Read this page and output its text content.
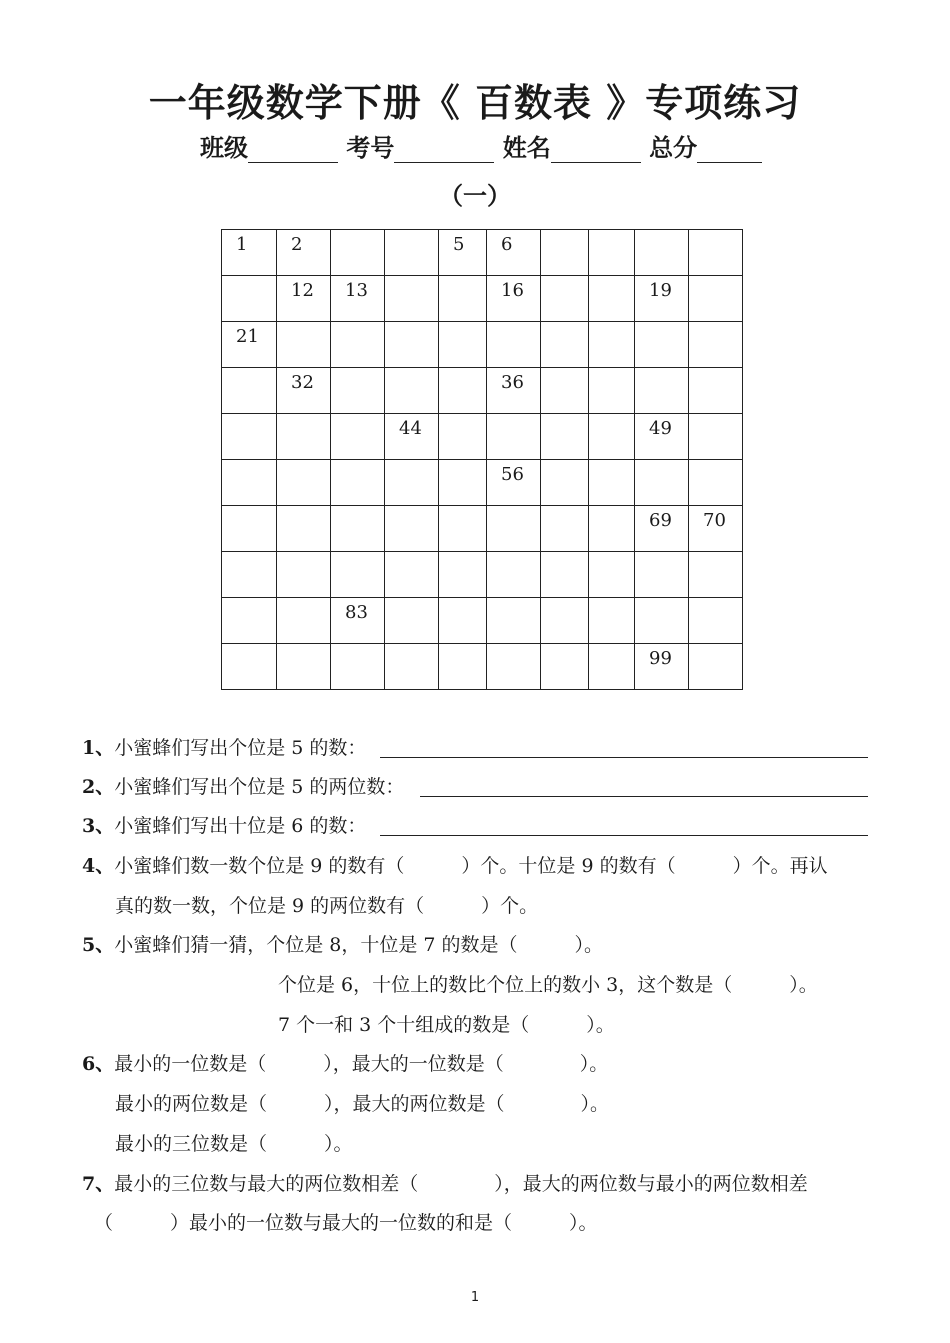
一年级数学下册《 百数表 》专项练习
班级	考号	姓名	总分
（一）
1	2			5	6				

	12	13			16			19	

21									

	32				36				

			44					49	

					56				

								69	70

		83							

								99	

1、小蜜蜂们写出个位是 5 的数：
2、小蜜蜂们写出个位是 5 的两位数：
3、小蜜蜂们写出十位是 6 的数：
4、小蜜蜂们数一数个位是 9 的数有（　　　）个。十位是 9 的数有（　　　）个。再认
真的数一数，个位是 9 的两位数有（　　　）个。
5、小蜜蜂们猜一猜，个位是 8，十位是 7 的数是（　　　）。
个位是 6，十位上的数比个位上的数小 3，这个数是（　　　）。
7 个一和 3 个十组成的数是（　　　）。
6、最小的一位数是（　　　），最大的一位数是（　　　　）。
最小的两位数是（　　　），最大的两位数是（　　　　）。
最小的三位数是（　　　）。
7、最小的三位数与最大的两位数相差（　　　　），最大的两位数与最小的两位数相差
（　　　）最小的一位数与最大的一位数的和是（　　　）。
1
